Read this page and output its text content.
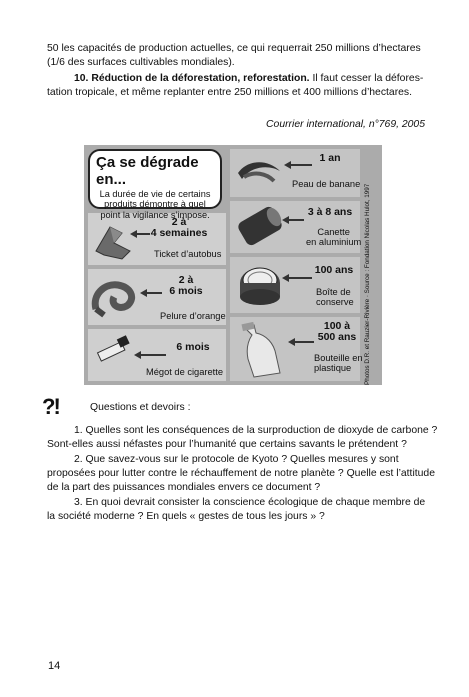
50 les capacités de production actuelles, ce qui requerrait 250 millions d’hectares

(1/6 des surfaces cultivables mondiales).

10. Réduction de la déforestation, reforestation. Il faut cesser la défores-

tation tropicale, et même replanter entre 250 millions et 400 millions d’hectares.

Courrier international, n°769, 2005
Ça se dégrade en...
La durée de vie de certains produits démontre à quel point la vigilance s’impose.
2 à
4 semaines
Ticket d’autobus
2 à
6 mois
Pelure d’orange
6 mois
Mégot de cigarette
1 an
Peau de banane
3 à 8 ans
Canette
en aluminium
100 ans
Boîte de
conserve
100 à
500 ans
Bouteille en
plastique	Photos D.R. et Rauzier-Rivière · Source : Fondation Nicolas Hulot, 1997
?!	Questions et devoirs :

1. Quelles sont les conséquences de la surproduction de dioxyde de carbone ?

Sont-elles aussi néfastes pour l’humanité que certains savants le prétendent ?

2. Que savez-vous sur le protocole de Kyoto ? Quelles mesures y sont

proposées pour lutter contre le réchauffement de notre planète ? Quelle est l’attitude

de la part des puissances mondiales envers ce document ?

3. En quoi devrait consister la conscience écologique de chaque membre de

la société moderne ? En quels « gestes de tous les jours » ?

14
